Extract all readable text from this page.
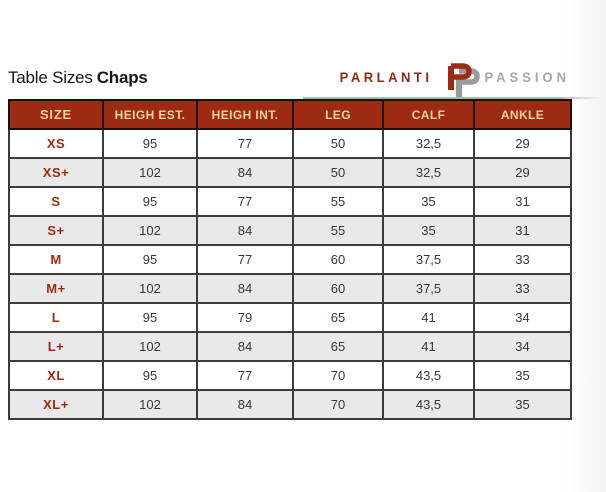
Table Sizes Chaps	PARLANTI	PASSION
SIZE	HEIGH EST.	HEIGH INT.	LEG	CALF	ANKLE
XS	95	77	50	32,5	29
XS+	102	84	50	32,5	29
S	95	77	55	35	31
S+	102	84	55	35	31
M	95	77	60	37,5	33
M+	102	84	60	37,5	33
L	95	79	65	41	34
L+	102	84	65	41	34
XL	95	77	70	43,5	35
XL+	102	84	70	43,5	35
